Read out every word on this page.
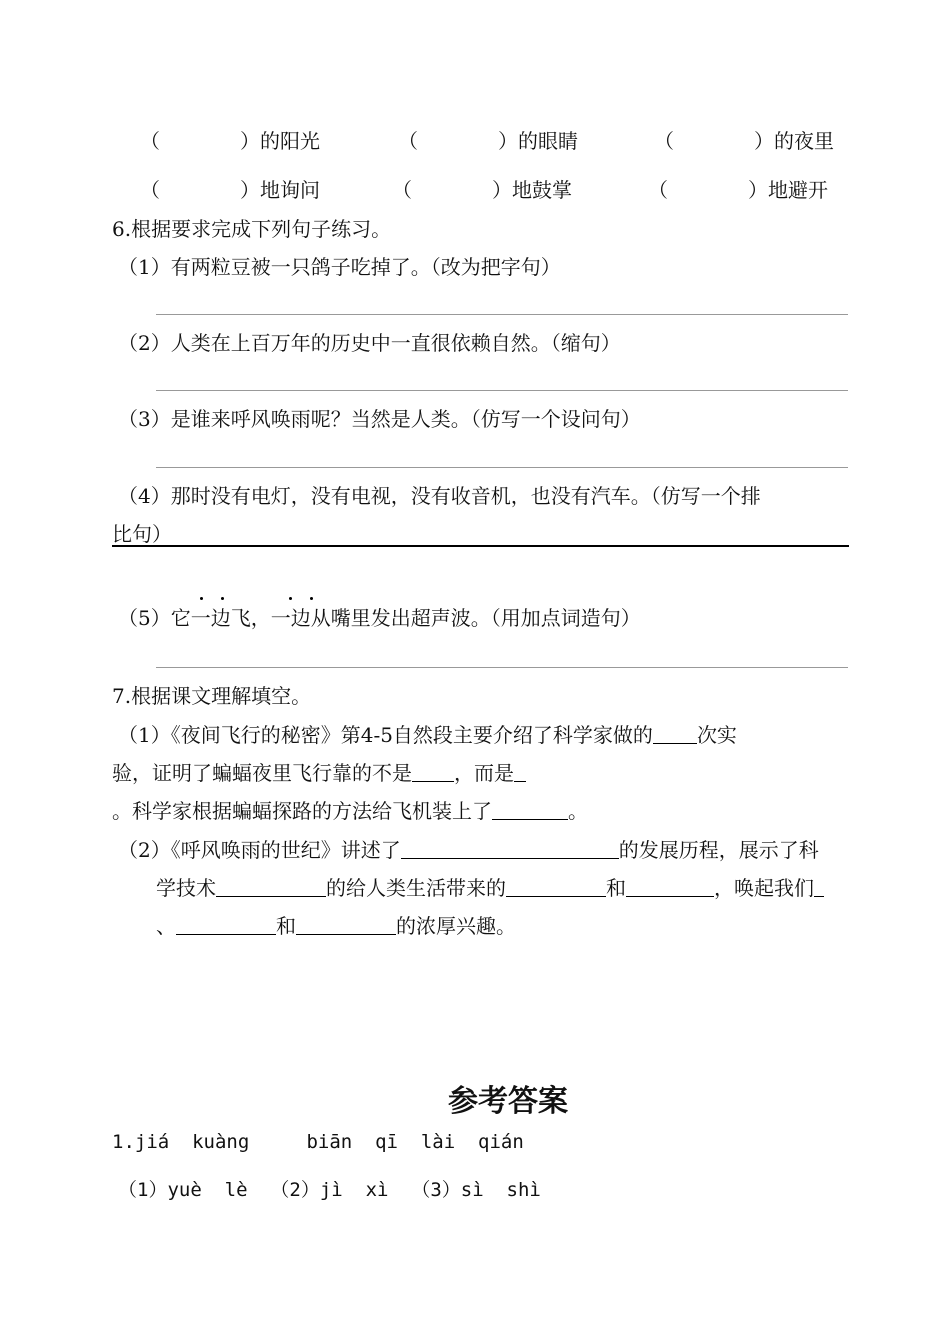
（　　　　）的阳光	（　　　　）的眼睛	（　　　　）的夜里
（　　　　）地询问	（　　　　）地鼓掌	（　　　　）地避开
6.根据要求完成下列句子练习。
（1）有两粒豆被一只鸽子吃掉了。（改为把字句）
（2）人类在上百万年的历史中一直很依赖自然。（缩句）
（3）是谁来呼风唤雨呢？当然是人类。（仿写一个设问句）
（4）那时没有电灯，没有电视，没有收音机，也没有汽车。（仿写一个排
比句）
（5）它一边飞，一边从嘴里发出超声波。（用加点词造句）
7.根据课文理解填空。
（1）《夜间飞行的秘密》第4-5自然段主要介绍了科学家做的 次实
验，证明了蝙蝠夜里飞行靠的不是 ，而是
。科学家根据蝙蝠探路的方法给飞机装上了	。
（2）《呼风唤雨的世纪》讲述了	的发展历程，展示了科
学技术	的给人类生活带来的	和	，唤起我们
、	和	的浓厚兴趣。
参考答案
1.jiá  kuàng     biān  qī  lài  qián
（1）yuè  lè  （2）jì  xì  （3）sì  shì
